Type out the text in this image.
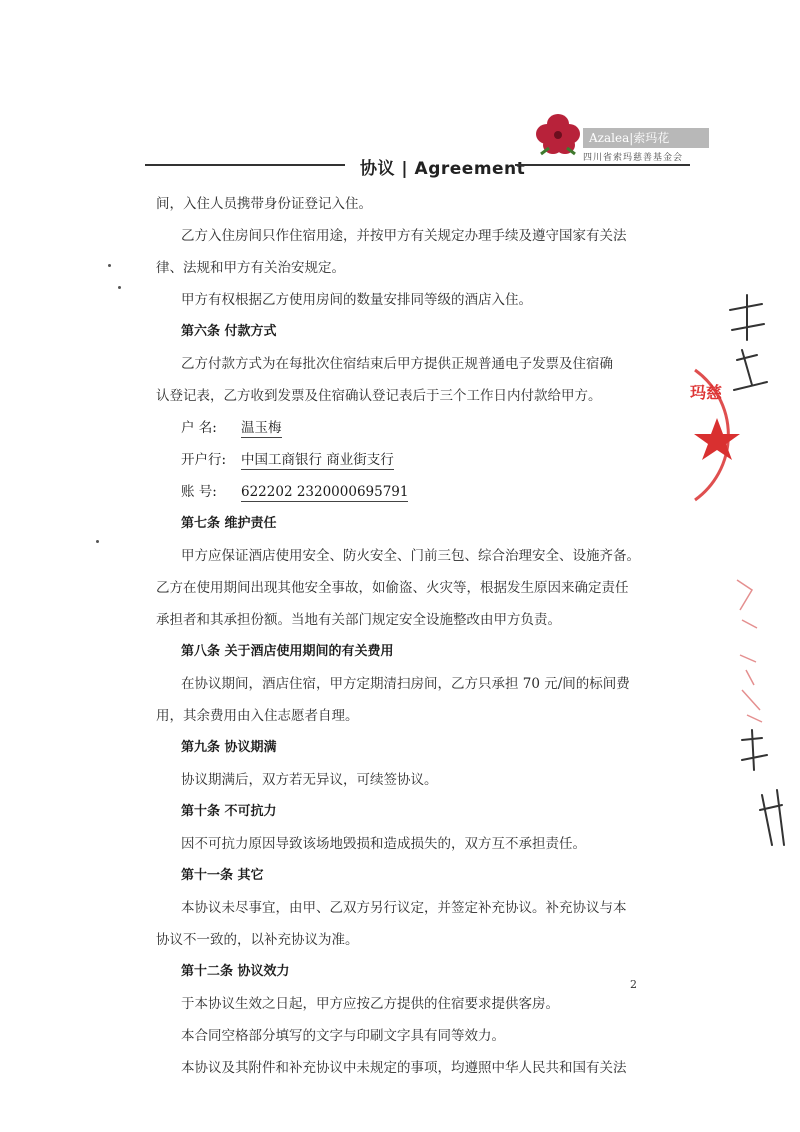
协议 | Agreement
Azalea|索玛花
四川省索玛慈善基金会
间，入住人员携带身份证登记入住。
乙方入住房间只作住宿用途，并按甲方有关规定办理手续及遵守国家有关法
律、法规和甲方有关治安规定。
甲方有权根据乙方使用房间的数量安排同等级的酒店入住。
第六条 付款方式
乙方付款方式为在每批次住宿结束后甲方提供正规普通电子发票及住宿确
认登记表，乙方收到发票及住宿确认登记表后于三个工作日内付款给甲方。
户 名: 温玉梅
开户行: 中国工商银行 商业街支行
账 号: 622202 2320000695791
第七条 维护责任
甲方应保证酒店使用安全、防火安全、门前三包、综合治理安全、设施齐备。
乙方在使用期间出现其他安全事故，如偷盗、火灾等，根据发生原因来确定责任
承担者和其承担份额。当地有关部门规定安全设施整改由甲方负责。
第八条 关于酒店使用期间的有关费用
在协议期间，酒店住宿，甲方定期清扫房间，乙方只承担 70 元/间的标间费
用，其余费用由入住志愿者自理。
第九条 协议期满
协议期满后，双方若无异议，可续签协议。
第十条 不可抗力
因不可抗力原因导致该场地毁损和造成损失的，双方互不承担责任。
第十一条 其它
本协议未尽事宜，由甲、乙双方另行议定，并签定补充协议。补充协议与本
协议不一致的，以补充协议为准。
第十二条 协议效力
于本协议生效之日起，甲方应按乙方提供的住宿要求提供客房。
本合同空格部分填写的文字与印刷文字具有同等效力。
本协议及其附件和补充协议中未规定的事项，均遵照中华人民共和国有关法
2
玛慈
